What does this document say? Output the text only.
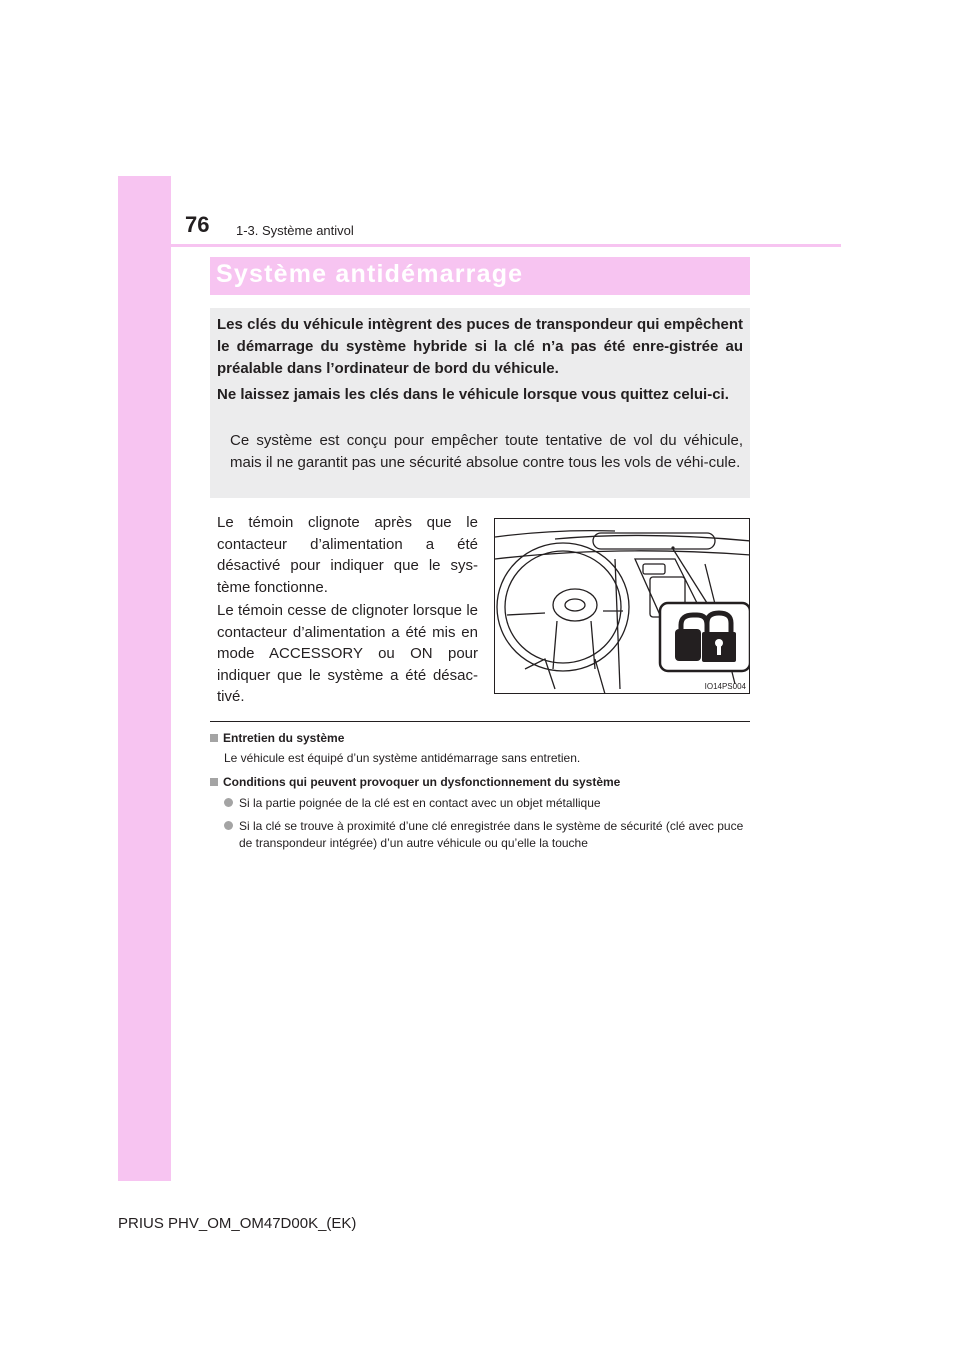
76 1-3. Système antivol
Système antidémarrage

Les clés du véhicule intègrent des puces de transpondeur qui empêchent le démarrage du système hybride si la clé n’a pas été enre-gistrée au préalable dans l’ordinateur de bord du véhicule.

Ne laissez jamais les clés dans le véhicule lorsque vous quittez celui-ci.

Ce système est conçu pour empêcher toute tentative de vol du véhicule, mais il ne garantit pas une sécurité absolue contre tous les vols de véhi-cule.

Le témoin clignote après que le contacteur d’alimentation a été désactivé pour indiquer que le sys-tème fonctionne.

Le témoin cesse de clignoter lorsque le contacteur d’alimentation a été mis en mode ACCESSORY ou ON pour indiquer que le système a été désac-tivé.

IO14PS004
Entretien du système

Le véhicule est équipé d’un système antidémarrage sans entretien.

Conditions qui peuvent provoquer un dysfonctionnement du système
Si la partie poignée de la clé est en contact avec un objet métallique
Si la clé se trouve à proximité d’une clé enregistrée dans le système de sécurité (clé avec puce de transpondeur intégrée) d’un autre véhicule ou qu’elle la touche
PRIUS PHV_OM_OM47D00K_(EK)
